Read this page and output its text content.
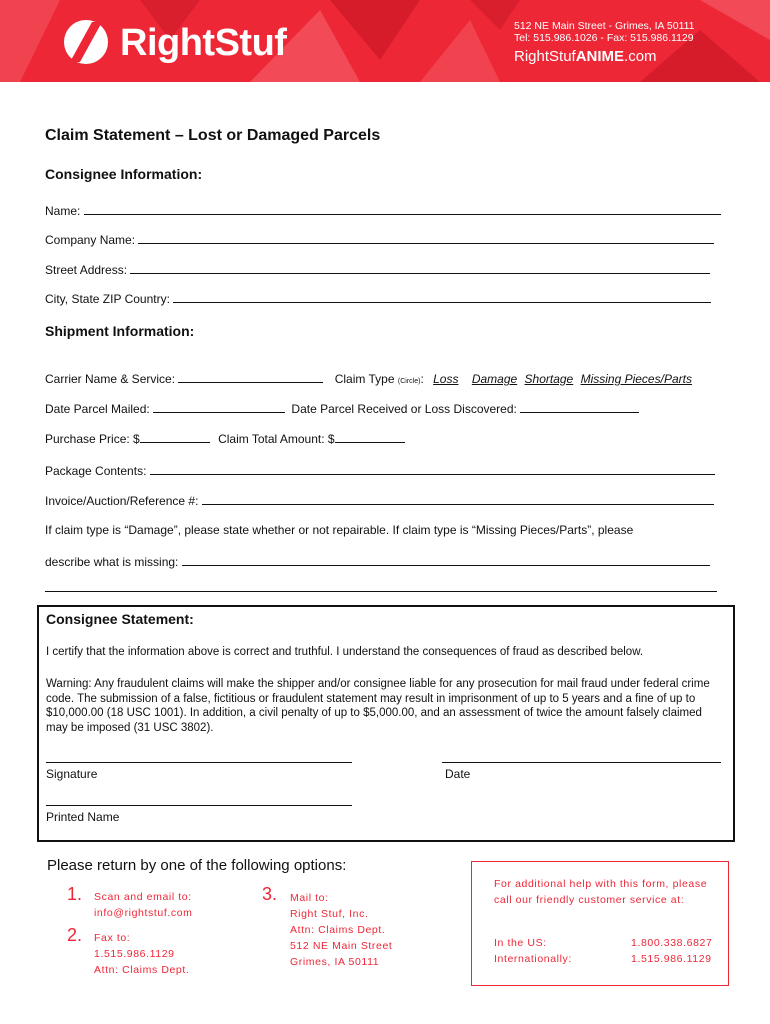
RightStuf	512 NE Main Street - Grimes, IA 50111
Tel: 515.986.1026 - Fax: 515.986.1129
RightStufANIME.com
Claim Statement – Lost or Damaged Parcels
Consignee Information:
Name:
Company Name:
Street Address:
City, State ZIP Country:
Shipment Information:
Carrier Name & Service:	Claim Type (Circle): Loss Damage Shortage Missing Pieces/Parts
Date Parcel Mailed:	Date Parcel Received or Loss Discovered:
Purchase Price: $	Claim Total Amount: $
Package Contents:
Invoice/Auction/Reference #:
If claim type is “Damage”, please state whether or not repairable. If claim type is “Missing Pieces/Parts”, please
describe what is missing:
Consignee Statement:
I certify that the information above is correct and truthful. I understand the consequences of fraud as described below.
Warning: Any fraudulent claims will make the shipper and/or consignee liable for any prosecution for mail fraud under federal crime code. The submission of a false, fictitious or fraudulent statement may result in imprisonment of up to 5 years and a fine of up to $10,000.00 (18 USC 1001). In addition, a civil penalty of up to $5,000.00, and an assessment of twice the amount falsely claimed may be imposed (31 USC 3802).
Signature	Date
Printed Name
Please return by one of the following options:
1. Scan and email to:
info@rightstuf.com
2. Fax to:
1.515.986.1129
Attn: Claims Dept.
3. Mail to:
Right Stuf, Inc.
Attn: Claims Dept.
512 NE Main Street
Grimes, IA 50111
For additional help with this form, please call our friendly customer service at:
In the US:	1.800.338.6827
Internationally:	1.515.986.1129
